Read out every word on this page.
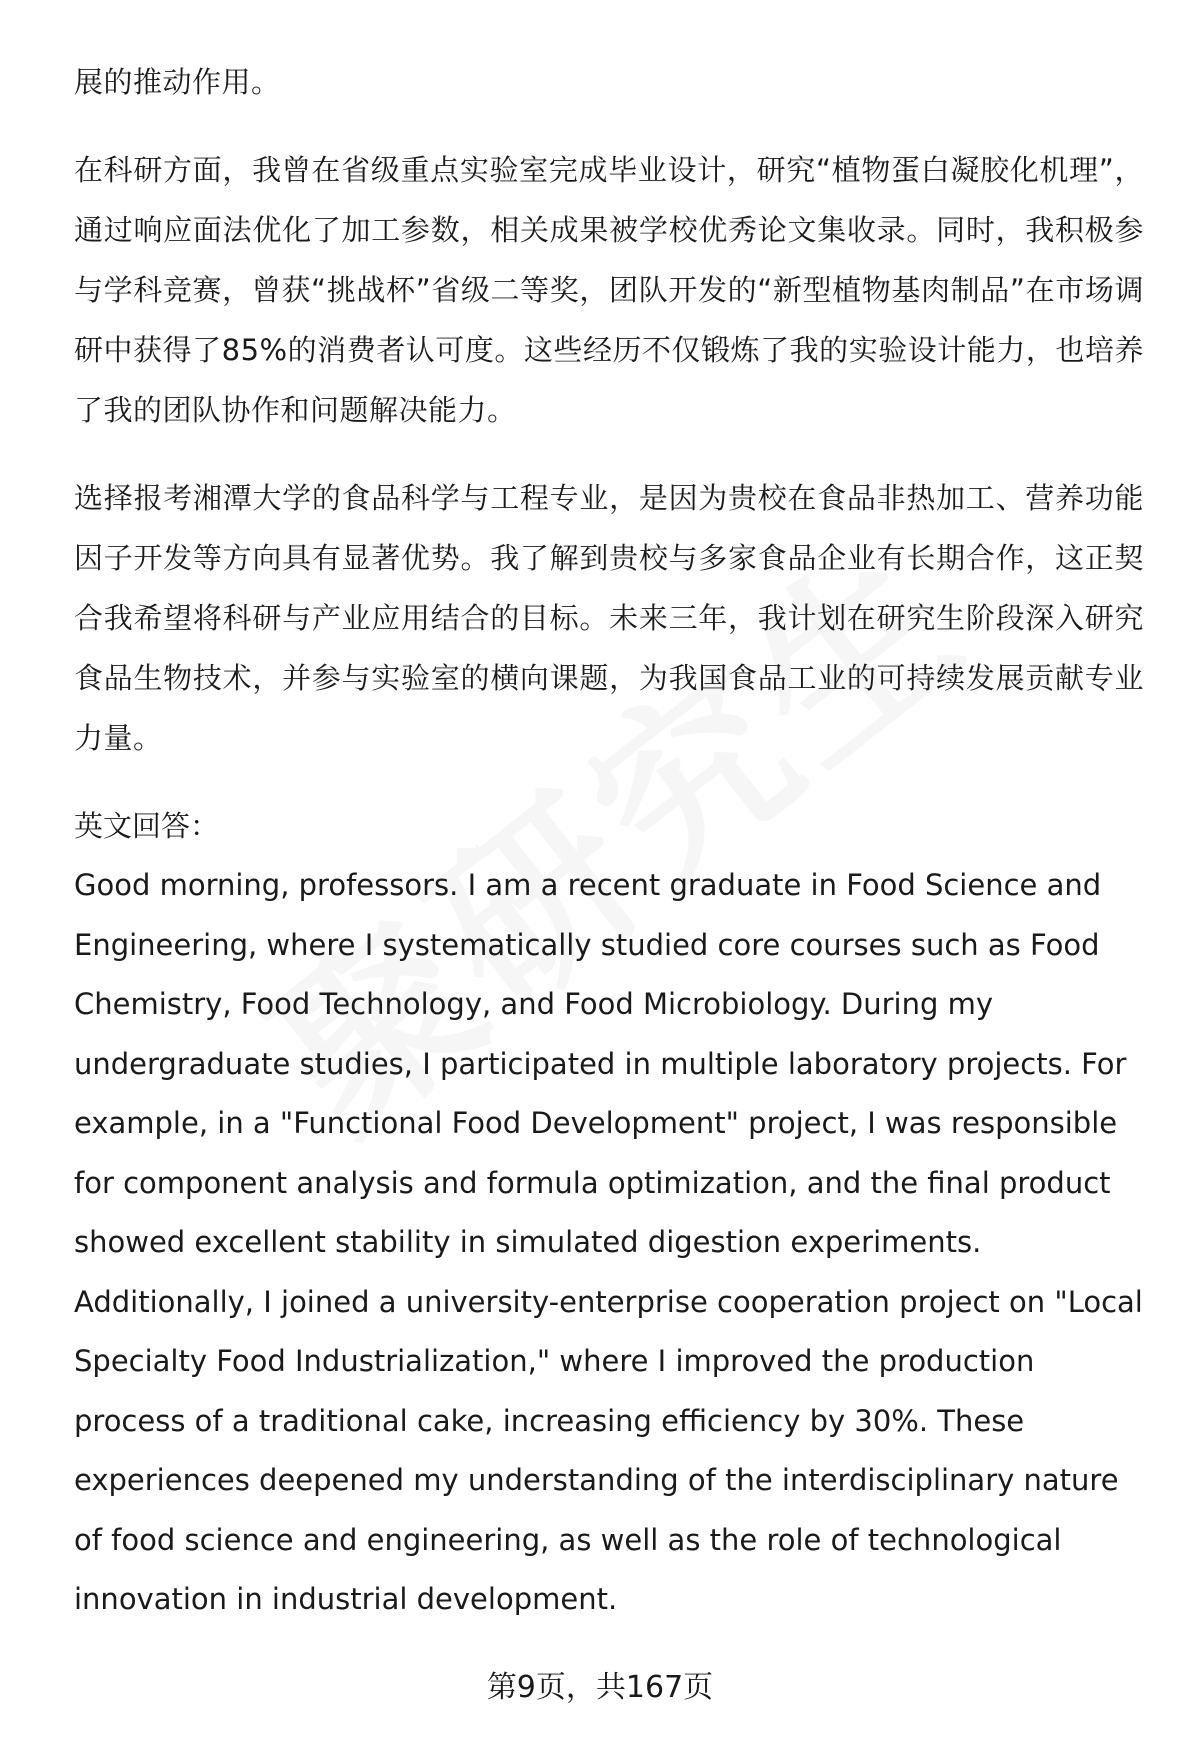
展的推动作用。

在科研方面，我曾在省级重点实验室完成毕业设计，研究“植物蛋白凝胶化机理”，通过响应面法优化了加工参数，相关成果被学校优秀论文集收录。同时，我积极参与学科竞赛，曾获“挑战杯”省级二等奖，团队开发的“新型植物基肉制品”在市场调研中获得了85%的消费者认可度。这些经历不仅锻炼了我的实验设计能力，也培养了我的团队协作和问题解决能力。

选择报考湘潭大学的食品科学与工程专业，是因为贵校在食品非热加工、营养功能因子开发等方向具有显著优势。我了解到贵校与多家食品企业有长期合作，这正契合我希望将科研与产业应用结合的目标。未来三年，我计划在研究生阶段深入研究食品生物技术，并参与实验室的横向课题，为我国食品工业的可持续发展贡献专业力量。

英文回答：

Good morning, professors. I am a recent graduate in Food Science and Engineering, where I systematically studied core courses such as Food Chemistry, Food Technology, and Food Microbiology. During my undergraduate studies, I participated in multiple laboratory projects. For example, in a "Functional Food Development" project, I was responsible for component analysis and formula optimization, and the final product showed excellent stability in simulated digestion experiments. Additionally, I joined a university-enterprise cooperation project on "Local Specialty Food Industrialization," where I improved the production process of a traditional cake, increasing efficiency by 30%. These experiences deepened my understanding of the interdisciplinary nature of food science and engineering, as well as the role of technological innovation in industrial development.

第9页，共167页
